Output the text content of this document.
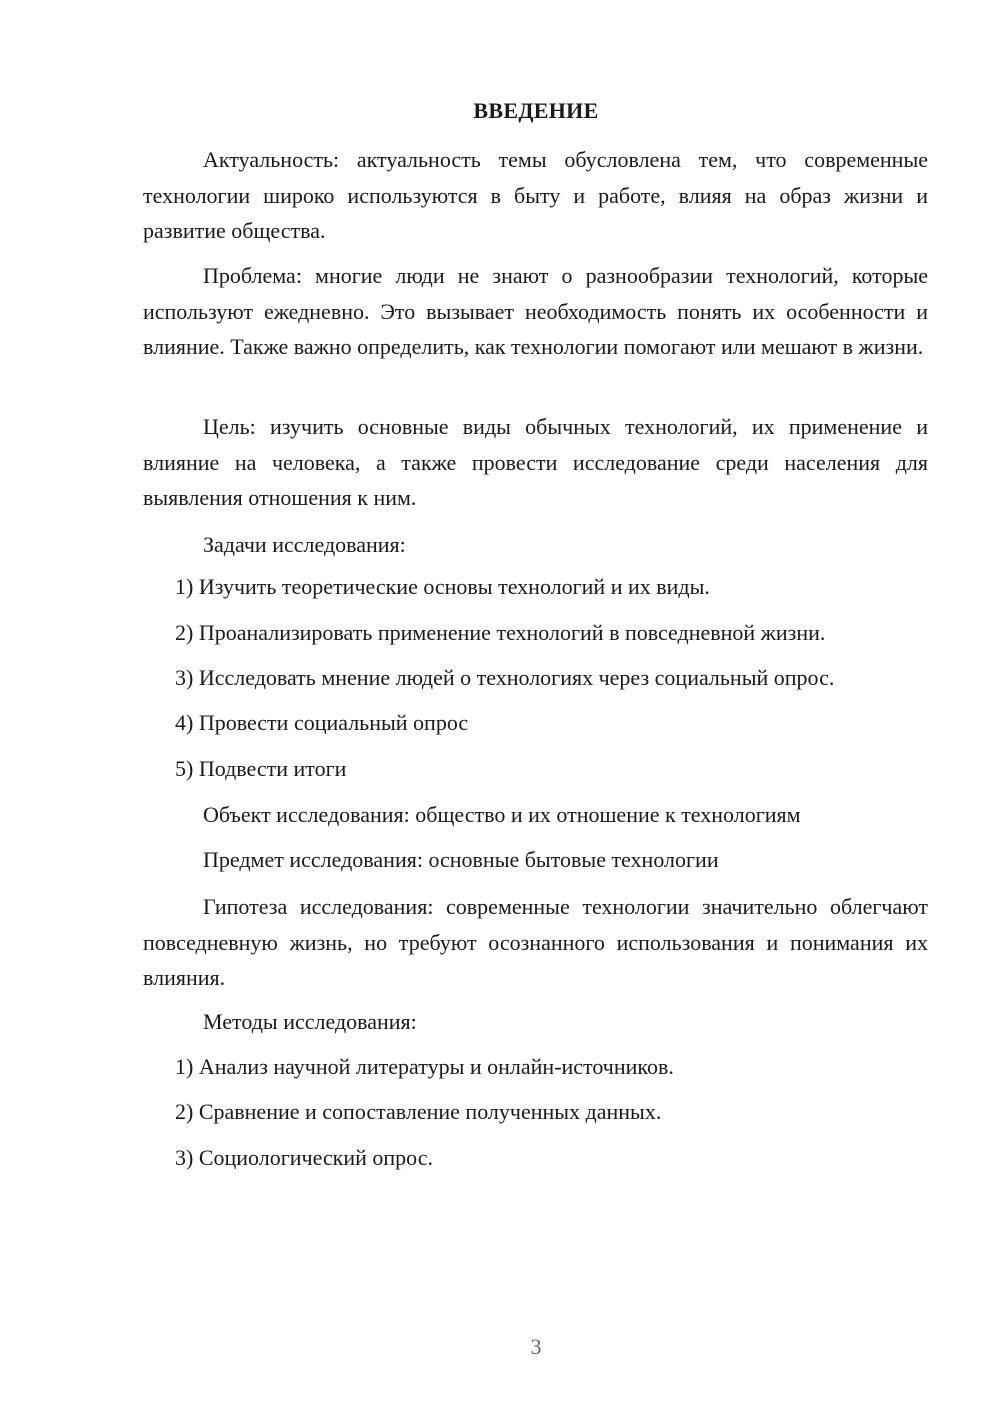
ВВЕДЕНИЕ

Актуальность: актуальность темы обусловлена тем, что современные технологии широко используются в быту и работе, влияя на образ жизни и развитие общества.

Проблема: многие люди не знают о разнообразии технологий, которые используют ежедневно. Это вызывает необходимость понять их особенности и влияние. Также важно определить, как технологии помогают или мешают в жизни.

Цель: изучить основные виды обычных технологий, их применение и влияние на человека, а также провести исследование среди населения для выявления отношения к ним.

Задачи исследования:

1) Изучить теоретические основы технологий и их виды.

2) Проанализировать применение технологий в повседневной жизни.

3) Исследовать мнение людей о технологиях через социальный опрос.

4) Провести социальный опрос

5) Подвести итоги

Объект исследования: общество и их отношение к технологиям

Предмет исследования: основные бытовые технологии

Гипотеза исследования: современные технологии значительно облегчают повседневную жизнь, но требуют осознанного использования и понимания их влияния.

Методы исследования:

1) Анализ научной литературы и онлайн-источников.

2) Сравнение и сопоставление полученных данных.

3) Социологический опрос.

3
